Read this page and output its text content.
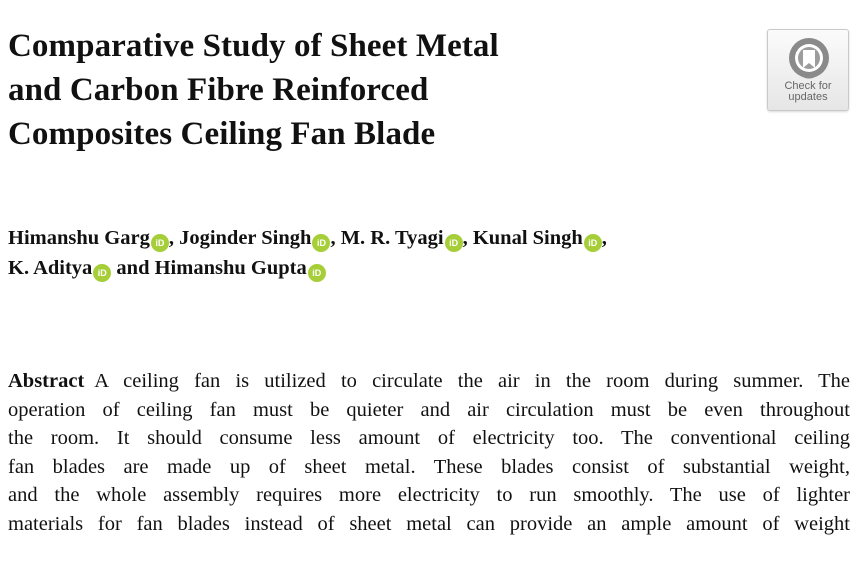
Comparative Study of Sheet Metal
and Carbon Fibre Reinforced
Composites Ceiling Fan Blade
Check for
updates
Himanshu Garg iD , Joginder Singh iD , M. R. Tyagi iD , Kunal Singh iD ,
K. Aditya iD and Himanshu Gupta iD
Abstract A ceiling fan is utilized to circulate the air in the room during summer. The
operation of ceiling fan must be quieter and air circulation must be even throughout
the room. It should consume less amount of electricity too. The conventional ceiling
fan blades are made up of sheet metal. These blades consist of substantial weight,
and the whole assembly requires more electricity to run smoothly. The use of lighter
materials for fan blades instead of sheet metal can provide an ample amount of weight
